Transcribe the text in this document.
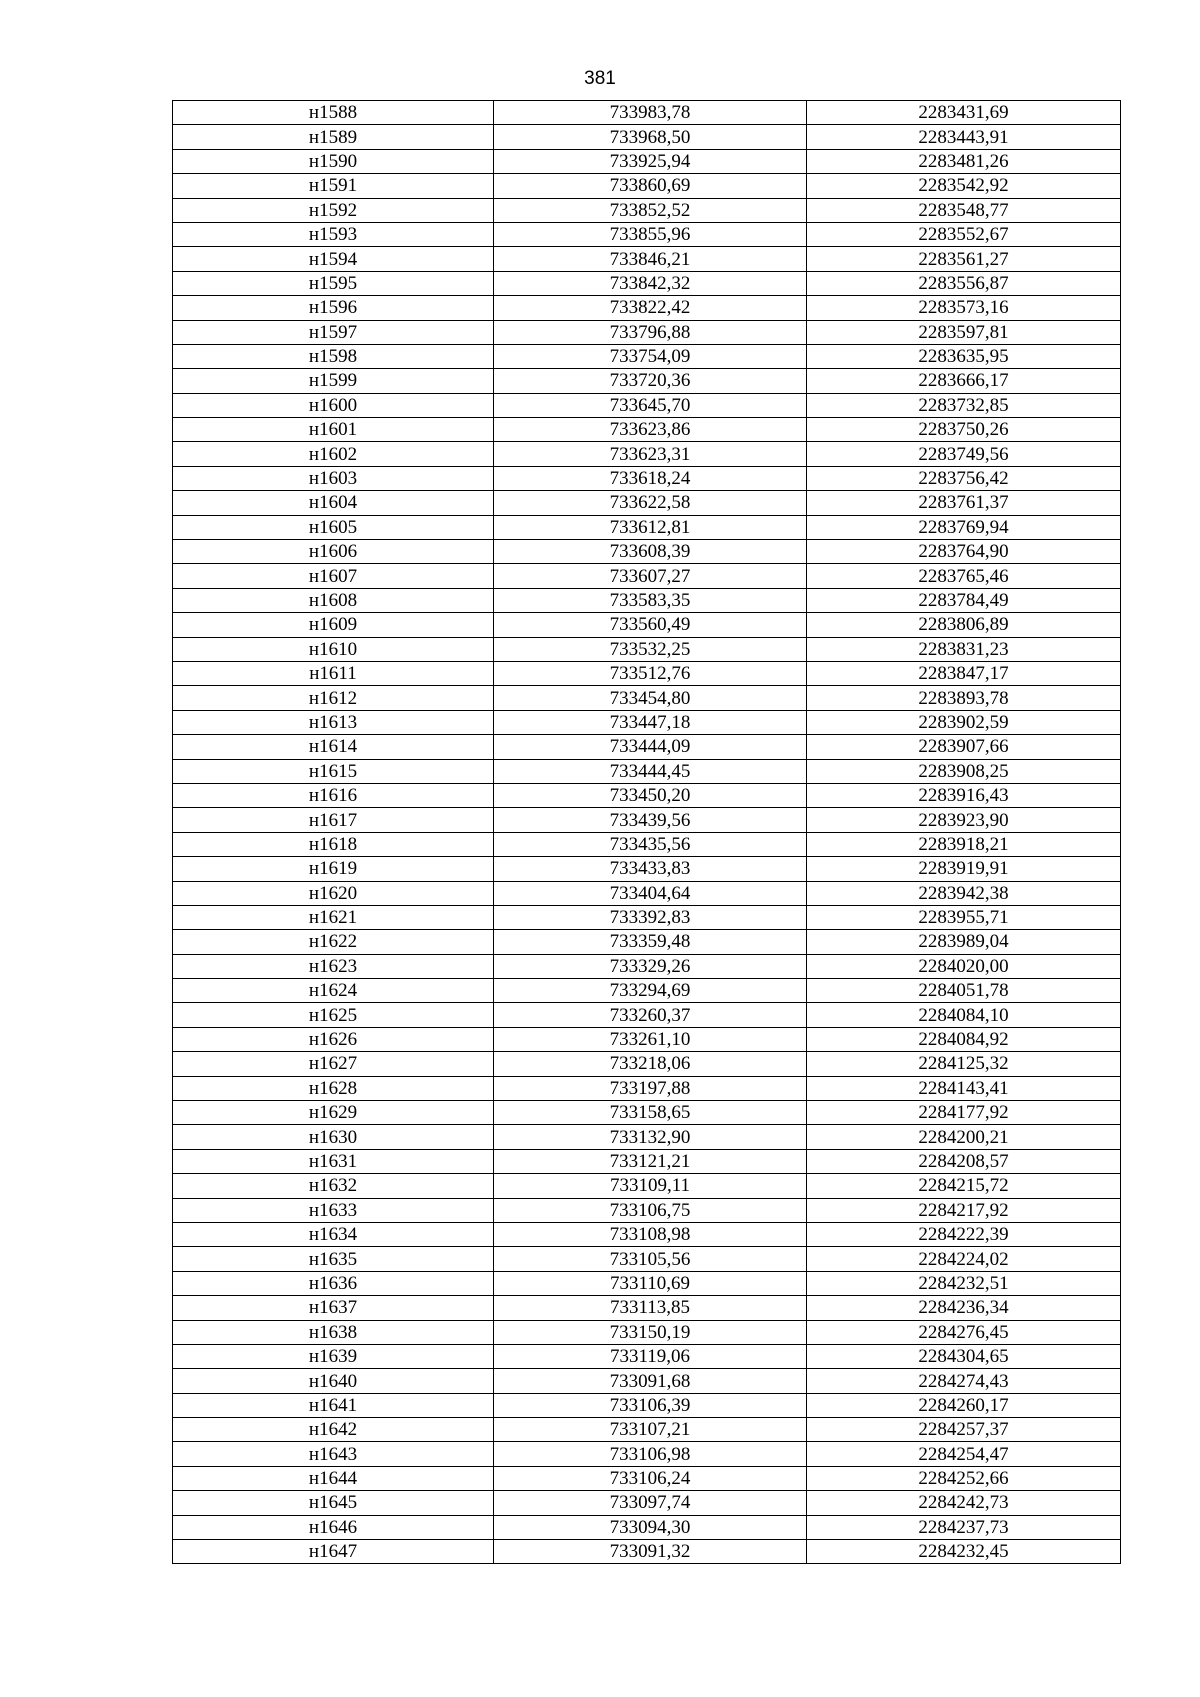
381
н1588	733983,78	2283431,69
н1589	733968,50	2283443,91
н1590	733925,94	2283481,26
н1591	733860,69	2283542,92
н1592	733852,52	2283548,77
н1593	733855,96	2283552,67
н1594	733846,21	2283561,27
н1595	733842,32	2283556,87
н1596	733822,42	2283573,16
н1597	733796,88	2283597,81
н1598	733754,09	2283635,95
н1599	733720,36	2283666,17
н1600	733645,70	2283732,85
н1601	733623,86	2283750,26
н1602	733623,31	2283749,56
н1603	733618,24	2283756,42
н1604	733622,58	2283761,37
н1605	733612,81	2283769,94
н1606	733608,39	2283764,90
н1607	733607,27	2283765,46
н1608	733583,35	2283784,49
н1609	733560,49	2283806,89
н1610	733532,25	2283831,23
н1611	733512,76	2283847,17
н1612	733454,80	2283893,78
н1613	733447,18	2283902,59
н1614	733444,09	2283907,66
н1615	733444,45	2283908,25
н1616	733450,20	2283916,43
н1617	733439,56	2283923,90
н1618	733435,56	2283918,21
н1619	733433,83	2283919,91
н1620	733404,64	2283942,38
н1621	733392,83	2283955,71
н1622	733359,48	2283989,04
н1623	733329,26	2284020,00
н1624	733294,69	2284051,78
н1625	733260,37	2284084,10
н1626	733261,10	2284084,92
н1627	733218,06	2284125,32
н1628	733197,88	2284143,41
н1629	733158,65	2284177,92
н1630	733132,90	2284200,21
н1631	733121,21	2284208,57
н1632	733109,11	2284215,72
н1633	733106,75	2284217,92
н1634	733108,98	2284222,39
н1635	733105,56	2284224,02
н1636	733110,69	2284232,51
н1637	733113,85	2284236,34
н1638	733150,19	2284276,45
н1639	733119,06	2284304,65
н1640	733091,68	2284274,43
н1641	733106,39	2284260,17
н1642	733107,21	2284257,37
н1643	733106,98	2284254,47
н1644	733106,24	2284252,66
н1645	733097,74	2284242,73
н1646	733094,30	2284237,73
н1647	733091,32	2284232,45
